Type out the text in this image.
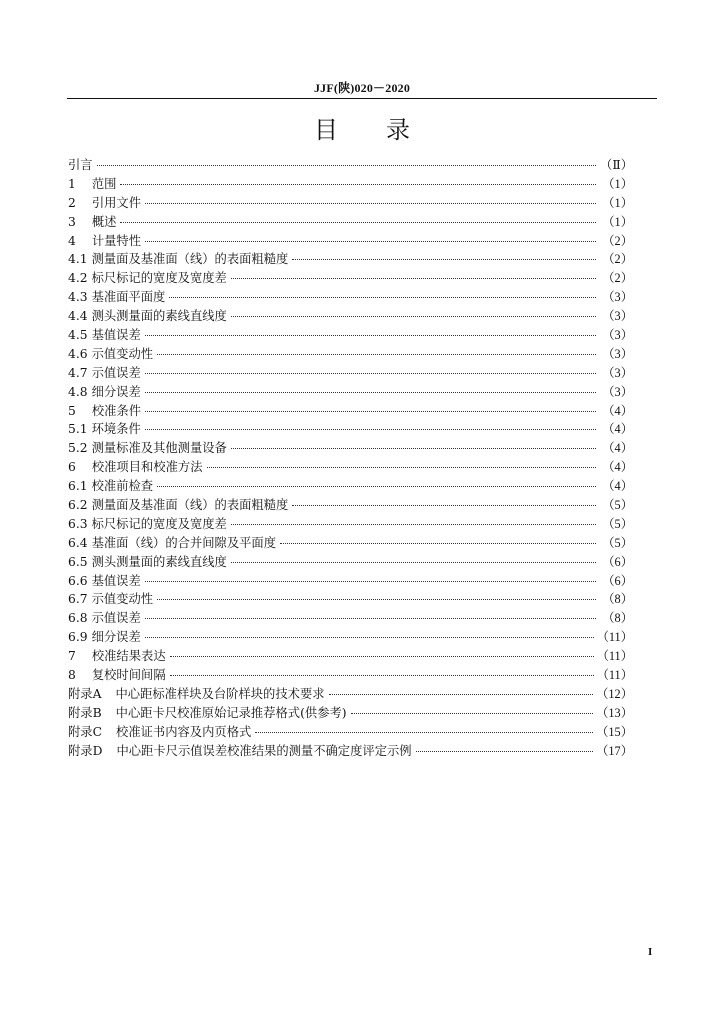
JJF(陕)020－2020
目录
引言	（Ⅱ）
1 范围	（1）
2 引用文件	（1）
3 概述	（1）
4 计量特性	（2）
4.1 测量面及基准面（线）的表面粗糙度	（2）
4.2 标尺标记的宽度及宽度差	（2）
4.3 基准面平面度	（3）
4.4 测头测量面的素线直线度	（3）
4.5 基值误差	（3）
4.6 示值变动性	（3）
4.7 示值误差	（3）
4.8 细分误差	（3）
5 校准条件	（4）
5.1 环境条件	（4）
5.2 测量标准及其他测量设备	（4）
6 校准项目和校准方法	（4）
6.1 校准前检查	（4）
6.2 测量面及基准面（线）的表面粗糙度	（5）
6.3 标尺标记的宽度及宽度差	（5）
6.4 基准面（线）的合并间隙及平面度	（5）
6.5 测头测量面的素线直线度	（6）
6.6 基值误差	（6）
6.7 示值变动性	（8）
6.8 示值误差	（8）
6.9 细分误差	（11）
7 校准结果表达	（11）
8 复校时间间隔	（11）
附录A 中心距标准样块及台阶样块的技术要求	（12）
附录B 中心距卡尺校准原始记录推荐格式(供参考)	（13）
附录C 校准证书内容及内页格式	（15）
附录D 中心距卡尺示值误差校准结果的测量不确定度评定示例	（17）
I
